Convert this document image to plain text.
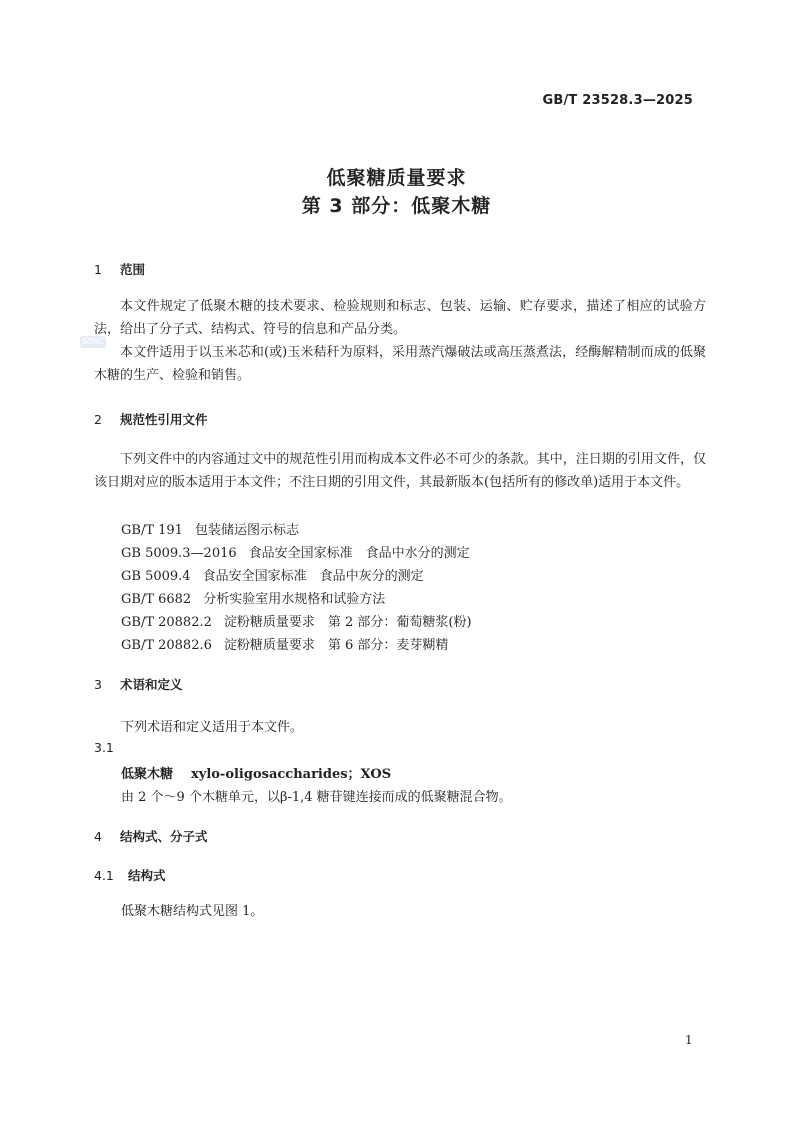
GB/T 23528.3—2025
低聚糖质量要求
第 3 部分：低聚木糖
SDAC
1 范围
本文件规定了低聚木糖的技术要求、检验规则和标志、包装、运输、贮存要求，描述了相应的试验方法，给出了分子式、结构式、符号的信息和产品分类。
本文件适用于以玉米芯和(或)玉米秸秆为原料，采用蒸汽爆破法或高压蒸煮法，经酶解精制而成的低聚木糖的生产、检验和销售。
2 规范性引用文件
下列文件中的内容通过文中的规范性引用而构成本文件必不可少的条款。其中，注日期的引用文件，仅该日期对应的版本适用于本文件；不注日期的引用文件，其最新版本(包括所有的修改单)适用于本文件。
GB/T 191 包装储运图示标志
GB 5009.3—2016 食品安全国家标准　食品中水分的测定
GB 5009.4 食品安全国家标准　食品中灰分的测定
GB/T 6682 分析实验室用水规格和试验方法
GB/T 20882.2 淀粉糖质量要求　第 2 部分：葡萄糖浆(粉)
GB/T 20882.6 淀粉糖质量要求　第 6 部分：麦芽糊精
3 术语和定义
下列术语和定义适用于本文件。
3.1
低聚木糖 xylo-oligosaccharides；XOS
由 2 个～9 个木糖单元，以β-1,4 糖苷键连接而成的低聚糖混合物。
4 结构式、分子式
4.1 结构式
低聚木糖结构式见图 1。
1
